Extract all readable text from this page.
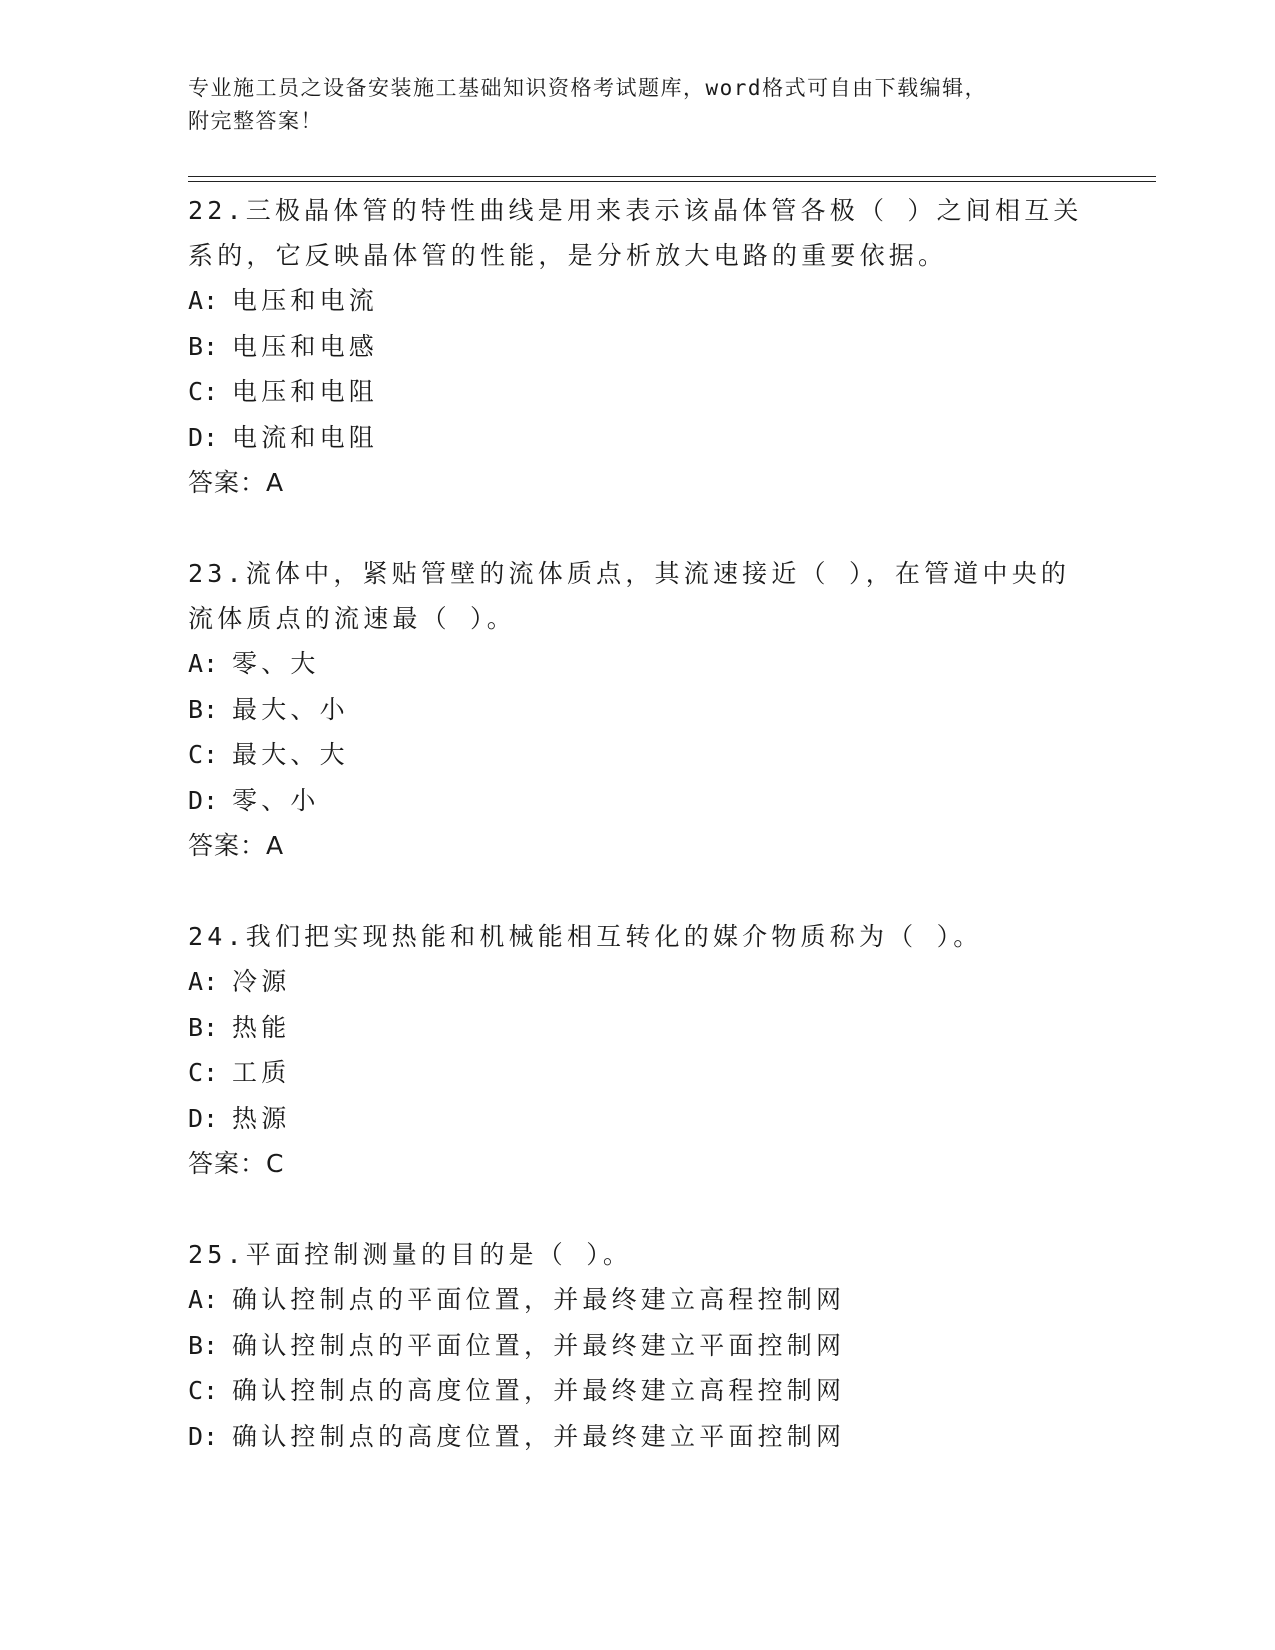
专业施工员之设备安装施工基础知识资格考试题库，word格式可自由下载编辑，
附完整答案！

22.三极晶体管的特性曲线是用来表示该晶体管各极（ ）之间相互关
系的，它反映晶体管的性能，是分析放大电路的重要依据。

A: 电压和电流

B: 电压和电感

C: 电压和电阻

D: 电流和电阻

答案：A

23.流体中，紧贴管壁的流体质点，其流速接近（ ），在管道中央的
流体质点的流速最（ ）。

A: 零、大

B: 最大、小

C: 最大、大

D: 零、小

答案：A

24.我们把实现热能和机械能相互转化的媒介物质称为（ ）。

A: 冷源

B: 热能

C: 工质

D: 热源

答案：C

25.平面控制测量的目的是（ ）。

A: 确认控制点的平面位置，并最终建立高程控制网

B: 确认控制点的平面位置，并最终建立平面控制网

C: 确认控制点的高度位置，并最终建立高程控制网

D: 确认控制点的高度位置，并最终建立平面控制网
